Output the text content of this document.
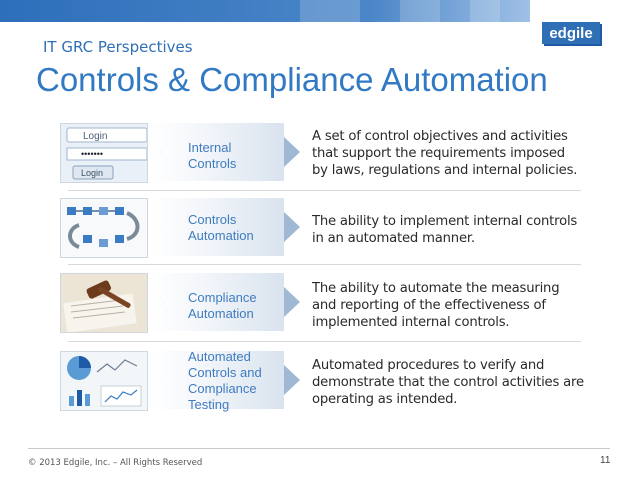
edgile
IT GRC Perspectives
Controls & Compliance Automation
Login
•••••••
Login
Internal
Controls
A set of control objectives and activities
that support the requirements imposed
by laws, regulations and internal policies.
Controls
Automation
The ability to implement internal controls
in an automated manner.
Compliance
Automation
The ability to automate the measuring
and reporting of the effectiveness of
implemented internal controls.
Automated
Controls and
Compliance
Testing
Automated procedures to verify and
demonstrate that the control activities are
operating as intended.
© 2013 Edgile, Inc. – All Rights Reserved	11
